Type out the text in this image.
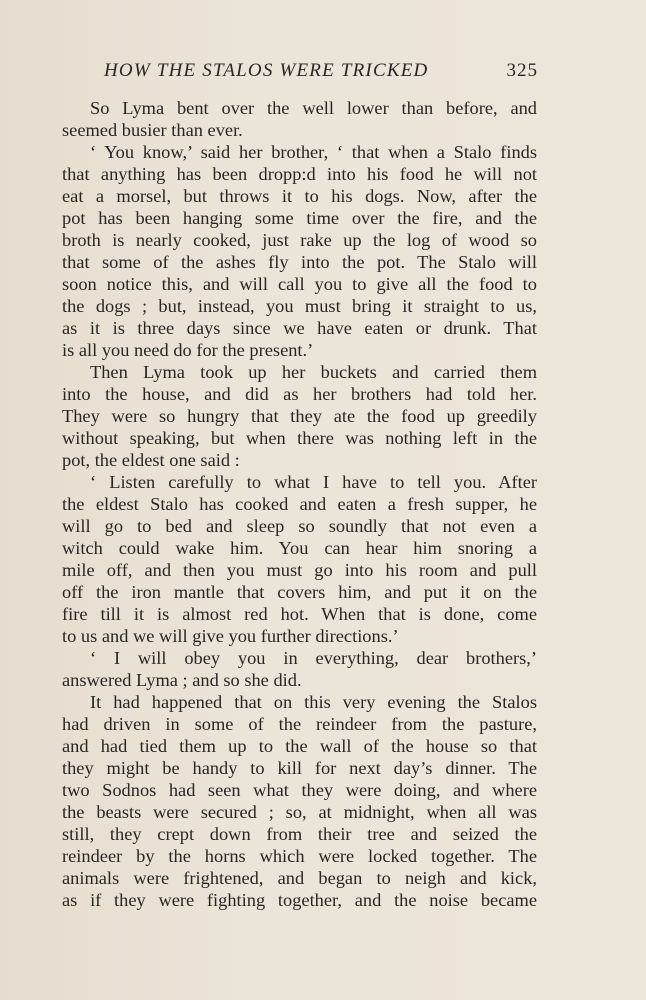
HOW THE STALOS WERE TRICKED	325
So Lyma bent over the well lower than before, and
seemed busier than ever.
‘ You know,’ said her brother, ‘ that when a Stalo finds
that anything has been dropp:d into his food he will not
eat a morsel, but throws it to his dogs. Now, after the
pot has been hanging some time over the fire, and the
broth is nearly cooked, just rake up the log of wood so
that some of the ashes fly into the pot. The Stalo will
soon notice this, and will call you to give all the food to
the dogs ; but, instead, you must bring it straight to us,
as it is three days since we have eaten or drunk. That
is all you need do for the present.’
Then Lyma took up her buckets and carried them
into the house, and did as her brothers had told her.
They were so hungry that they ate the food up greedily
without speaking, but when there was nothing left in the
pot, the eldest one said :
‘ Listen carefully to what I have to tell you. After
the eldest Stalo has cooked and eaten a fresh supper, he
will go to bed and sleep so soundly that not even a
witch could wake him. You can hear him snoring a
mile off, and then you must go into his room and pull
off the iron mantle that covers him, and put it on the
fire till it is almost red hot. When that is done, come
to us and we will give you further directions.’
‘ I will obey you in everything, dear brothers,’
answered Lyma ; and so she did.
It had happened that on this very evening the Stalos
had driven in some of the reindeer from the pasture,
and had tied them up to the wall of the house so that
they might be handy to kill for next day’s dinner. The
two Sodnos had seen what they were doing, and where
the beasts were secured ; so, at midnight, when all was
still, they crept down from their tree and seized the
reindeer by the horns which were locked together. The
animals were frightened, and began to neigh and kick,
as if they were fighting together, and the noise became
